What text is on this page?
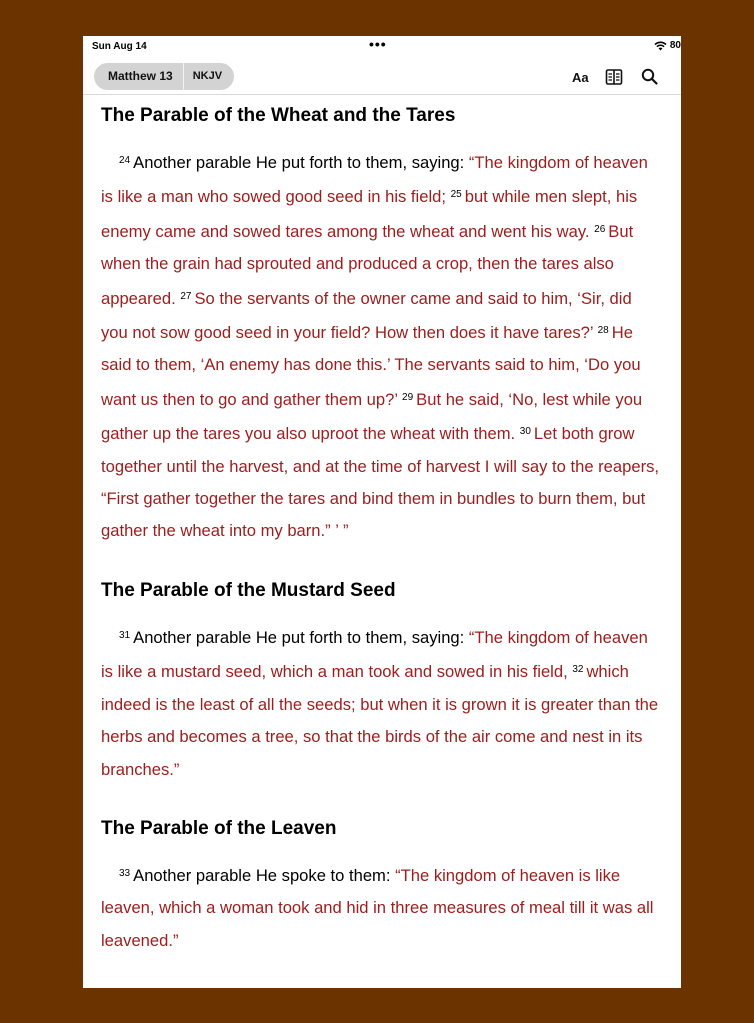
Sun Aug 14	•••	80
Matthew 13	NKJV	Aa
The Parable of the Wheat and the Tares

$^{24}$ Another parable He put forth to them, saying: “The kingdom of heaven is like a man who sowed good seed in his field; $^{25}$ but while men slept, his enemy came and sowed tares among the wheat and went his way. $^{26}$ But when the grain had sprouted and produced a crop, then the tares also appeared. $^{27}$ So the servants of the owner came and said to him, ‘Sir, did you not sow good seed in your field? How then does it have tares?’ $^{28}$ He said to them, ‘An enemy has done this.’ The servants said to him, ‘Do you want us then to go and gather them up?’ $^{29}$ But he said, ‘No, lest while you gather up the tares you also uproot the wheat with them. $^{30}$ Let both grow together until the harvest, and at the time of harvest I will say to the reapers, “First gather together the tares and bind them in bundles to burn them, but gather the wheat into my barn.” ’ ”

The Parable of the Mustard Seed

$^{31}$ Another parable He put forth to them, saying: “The kingdom of heaven is like a mustard seed, which a man took and sowed in his field, $^{32}$ which indeed is the least of all the seeds; but when it is grown it is greater than the herbs and becomes a tree, so that the birds of the air come and nest in its branches.”

The Parable of the Leaven

$^{33}$ Another parable He spoke to them: “The kingdom of heaven is like leaven, which a woman took and hid in three measures of meal till it was all leavened.”
